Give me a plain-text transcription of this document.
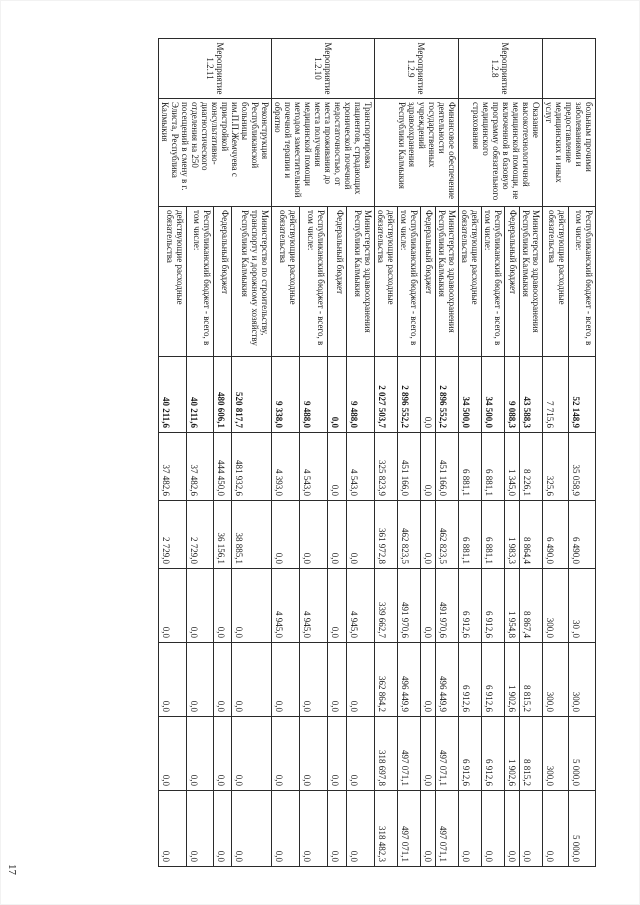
	больным прочими заболеваниями и предоставление медицинских и иных услуг	Республиканский бюджет - всего, в том числе:	52 148,9	35 058,9	6 490,0	30 ,0	300,0	5 000,0	5 000,0
		действующие расходные обязательства	7 715,6	325,6	6 490,0	300,0	300,0	300,0	0,0
Мероприятие 1.2.8	Оказание высокотехнологичной медицинской помощи, не включенной в базовую программу обязательного медицинского страхования	Министерство здравоохранения Республики Калмыкия	43 588,3	8 226,1	8 864,4	8 867,4	8 815,2	8 815,2	0,0
		Федеральный бюджет	9 088,3	1 345,0	1 983,3	1 954,8	1 902,6	1 902,6	0,0
		Республиканский бюджет - всего, в том числе:	34 500,0	6 881,1	6 881,1	6 912,6	6 912,6	6 912,6	0,0
		действующие расходные обязательства	34 500,0	6 881,1	6 881,1	6 912,6	6 912,6	6 912,6	0,0
Мероприятие 1.2.9	Финансовое обеспечение деятельности государственных учреждений здравоохранения Республики Калмыкия	Министерство здравоохранения Республики Калмыкия	2 896 552,2	451 166,0	462 823,5	491 970,6	496 449,9	497 071,1	497 071,1
		Федеральный бюджет	0,0	0,0	0,0	0,0	0,0	0,0	0,0
		Республиканский бюджет - всего, в том числе:	2 896 552,2	451 166,0	462 823,5	491 970,6	496 449,9	497 071,1	497 071,1
		действующие расходные обязательства	2 027 503,7	325 823,9	361 972,8	339 662,7	362 864,2	318 697,8	318 482,3
Мероприятие 1.2.10	Транспортировка пациентов, страдающих хронической почечной недостаточностью, от места проживания до места получения медицинской помощи методом заместительной почечной терапии и обратно	Министерство здравоохранения Республики Калмыкия	9 488,0	4 543,0	0,0	4 945,0	0,0	0,0	0,0
		Федеральный бюджет	0,0	0,0	0,0	0,0	0,0	0,0	0,0
		Республиканский бюджет - всего, в том числе:	9 488,0	4 543,0	0,0	4 945,0	0,0	0,0	0,0
		действующие расходные обязательства	9 338,0	4 393,0	0,0	4 945,0	0,0	0,0	0,0
Мероприятие 1.2.11	Реконструкция Республиканской больницы им.П.П.Жемчуева с пристройкой консультативно-диагностического отделения на 250 посещений в смену в г. Элиста, Республика Калмыкия	Министерство по строительству, транспорту и дорожному хозяйству Республики Калмыкия	520 817,7	481 932,6	38 885,1	0,0	0,0	0,0	0,0
		Федеральный бюджет	480 606,1	444 450,0	36 156,1	0,0	0,0	0,0	0,0
		Республиканский бюджет - всего, в том числе:	40 211,6	37 482,6	2 729,0	0,0	0,0	0,0	0,0
		действующие расходные обязательства	40 211,6	37 482,6	2 729,0	0,0	0,0	0,0	0,0
17
